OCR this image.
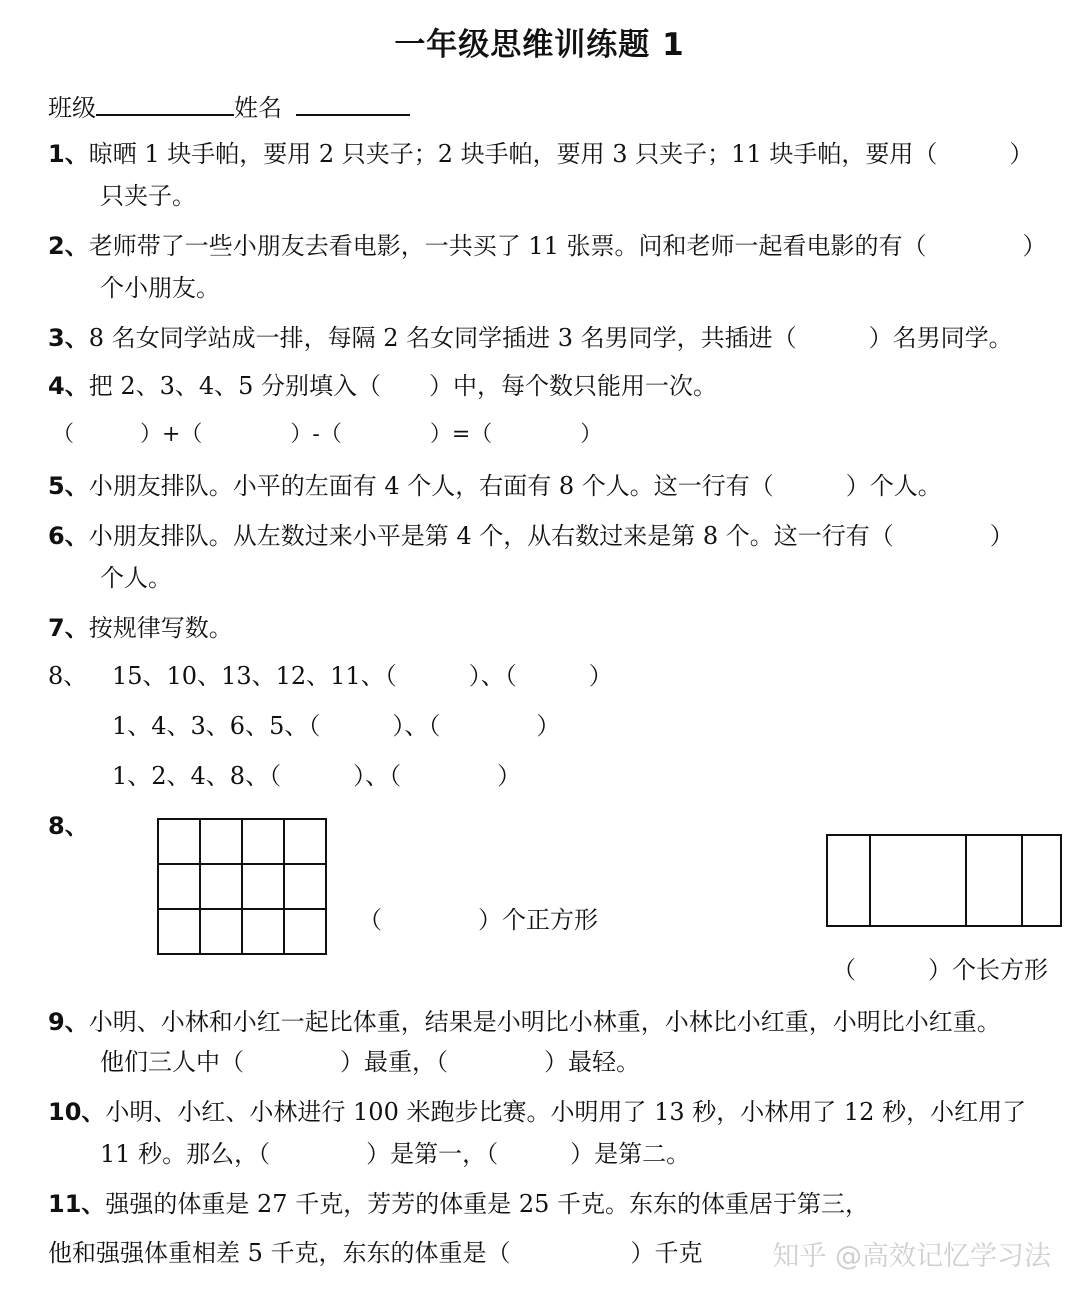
一年级思维训练题 1
班级	姓名
1、晾晒 1 块手帕，要用 2 只夹子；2 块手帕，要用 3 只夹子；11 块手帕，要用（　　　）
只夹子。
2、老师带了一些小朋友去看电影，一共买了 11 张票。问和老师一起看电影的有（　　　　）
个小朋友。
3、8 名女同学站成一排，每隔 2 名女同学插进 3 名男同学，共插进（　　　）名男同学。
4、把 2、3、4、5 分别填入（　　）中，每个数只能用一次。
（　　　）+（　　　　）-（　　　　）=（　　　　）
5、小朋友排队。小平的左面有 4 个人，右面有 8 个人。这一行有（　　　）个人。
6、小朋友排队。从左数过来小平是第 4 个，从右数过来是第 8 个。这一行有（　　　　）
个人。
7、按规律写数。
8、 15、10、13、12、11、（　　　）、（　　　）
1、4、3、6、5、（　　　）、（　　　　）
1、2、4、8、（　　　）、（　　　　）
8、

（　　　　）个正方形
（　　　）个长方形
9、小明、小林和小红一起比体重，结果是小明比小林重，小林比小红重，小明比小红重。
他们三人中（　　　　）最重，（　　　　）最轻。
10、小明、小红、小林进行 100 米跑步比赛。小明用了 13 秒，小林用了 12 秒，小红用了
11 秒。那么，（　　　　）是第一，（　　　）是第二。
11、强强的体重是 27 千克，芳芳的体重是 25 千克。东东的体重居于第三，
他和强强体重相差 5 千克，东东的体重是（　　　　　）千克	知乎 @高效记忆学习法
